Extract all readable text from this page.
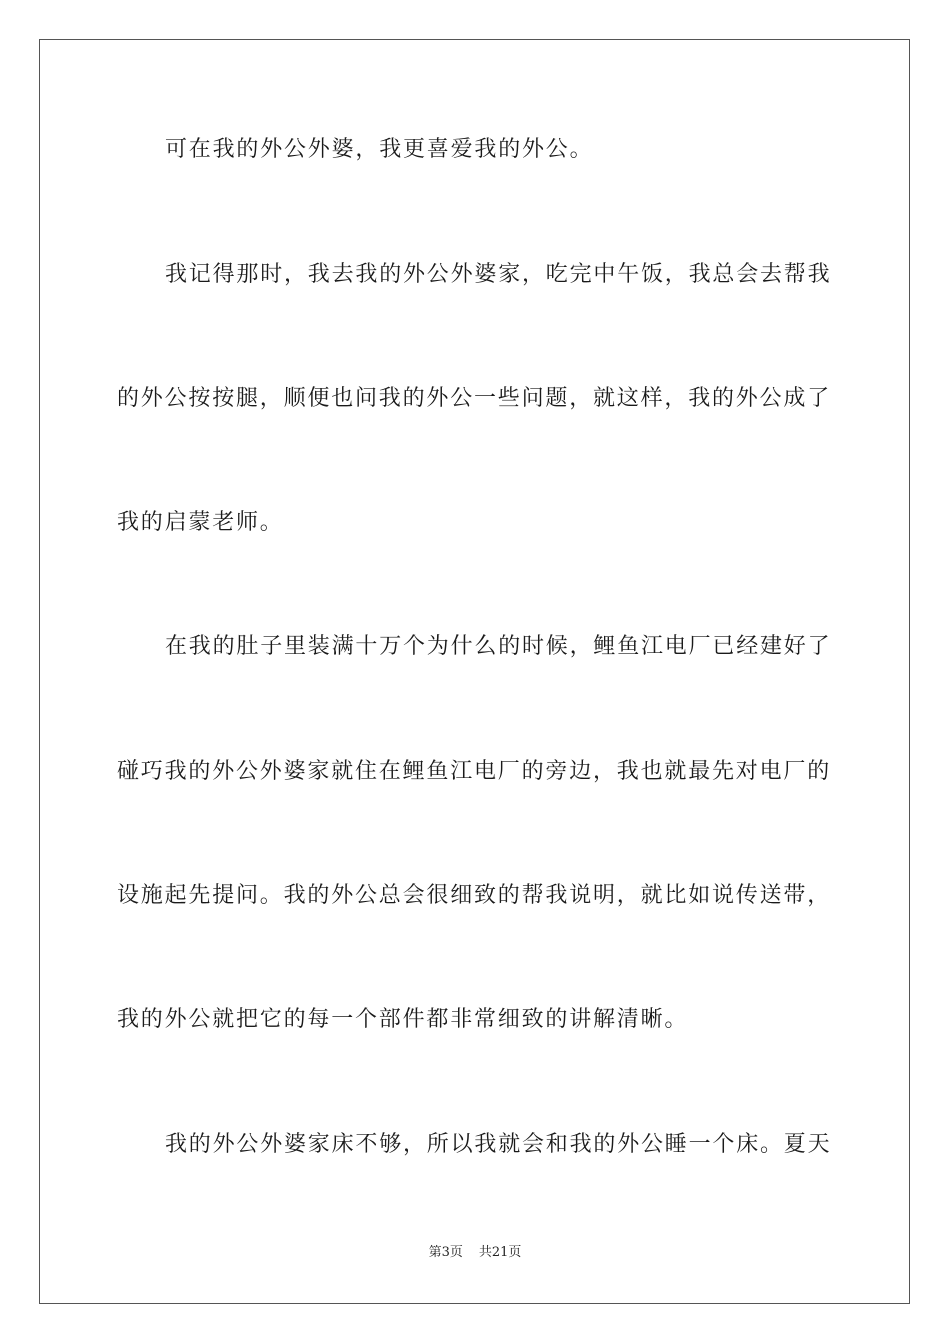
可在我的外公外婆，我更喜爱我的外公。
我记得那时，我去我的外公外婆家，吃完中午饭，我总会去帮我
的外公按按腿，顺便也问我的外公一些问题，就这样，我的外公成了
我的启蒙老师。
在我的肚子里装满十万个为什么的时候，鲤鱼江电厂已经建好了
碰巧我的外公外婆家就住在鲤鱼江电厂的旁边，我也就最先对电厂的
设施起先提问。我的外公总会很细致的帮我说明，就比如说传送带，
我的外公就把它的每一个部件都非常细致的讲解清晰。
我的外公外婆家床不够，所以我就会和我的外公睡一个床。夏天
第3页 共21页
